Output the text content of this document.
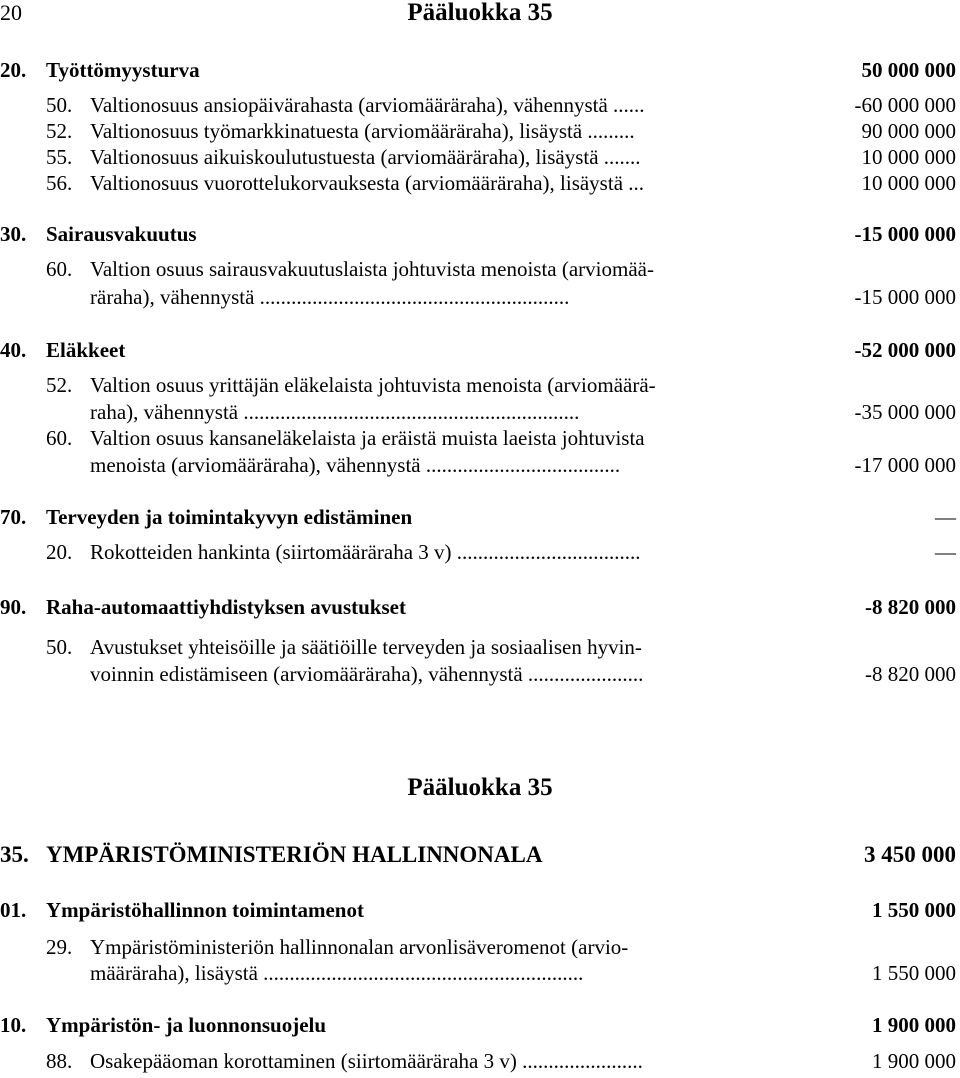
20	Pääluokka 35
20. Työttömyysturva	50 000 000
50. Valtionosuus ansiopäivärahasta (arviomääräraha), vähennystä ......	-60 000 000
52. Valtionosuus työmarkkinatuesta (arviomääräraha), lisäystä .........	90 000 000
55. Valtionosuus aikuiskoulutustuesta (arviomääräraha), lisäystä .......	10 000 000
56. Valtionosuus vuorottelukorvauksesta (arviomääräraha), lisäystä ...	10 000 000
30. Sairausvakuutus	-15 000 000
60. Valtion osuus sairausvakuutuslaista johtuvista menoista (arviomää-
räraha), vähennystä ...........................................................	-15 000 000
40. Eläkkeet	-52 000 000
52. Valtion osuus yrittäjän eläkelaista johtuvista menoista (arviomäärä-
raha), vähennystä ................................................................	-35 000 000
60. Valtion osuus kansaneläkelaista ja eräistä muista laeista johtuvista
menoista (arviomääräraha), vähennystä .....................................	-17 000 000
70. Terveyden ja toimintakyvyn edistäminen	—
20. Rokotteiden hankinta (siirtomääräraha 3 v) ...................................	—
90. Raha-automaattiyhdistyksen avustukset	-8 820 000
50. Avustukset yhteisöille ja säätiöille terveyden ja sosiaalisen hyvin-
voinnin edistämiseen (arviomääräraha), vähennystä ......................	-8 820 000
Pääluokka 35
35. YMPÄRISTÖMINISTERIÖN HALLINNONALA	3 450 000
01. Ympäristöhallinnon toimintamenot	1 550 000
29. Ympäristöministeriön hallinnonalan arvonlisäveromenot (arvio-
määräraha), lisäystä .............................................................	1 550 000
10. Ympäristön- ja luonnonsuojelu	1 900 000
88. Osakepääoman korottaminen (siirtomääräraha 3 v) .......................	1 900 000
